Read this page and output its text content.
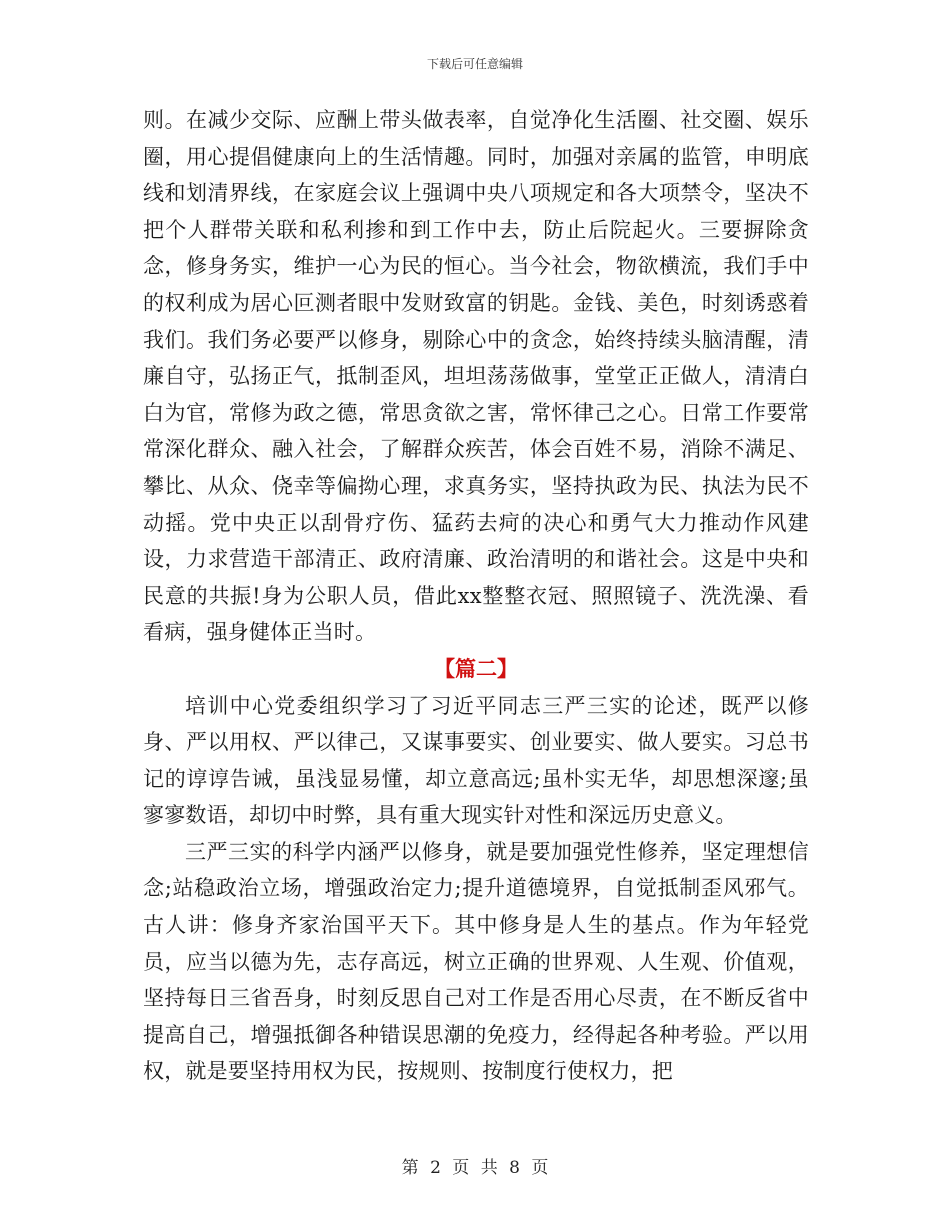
下载后可任意编辑

则。在减少交际、应酬上带头做表率，自觉净化生活圈、社交圈、娱乐圈，用心提倡健康向上的生活情趣。同时，加强对亲属的监管，申明底线和划清界线，在家庭会议上强调中央八项规定和各大项禁令，坚决不把个人群带关联和私利掺和到工作中去，防止后院起火。三要摒除贪念，修身务实，维护一心为民的恒心。当今社会，物欲横流，我们手中的权利成为居心叵测者眼中发财致富的钥匙。金钱、美色，时刻诱惑着我们。我们务必要严以修身，剔除心中的贪念，始终持续头脑清醒，清廉自守，弘扬正气，抵制歪风，坦坦荡荡做事，堂堂正正做人，清清白白为官，常修为政之德，常思贪欲之害，常怀律己之心。日常工作要常常深化群众、融入社会，了解群众疾苦，体会百姓不易，消除不满足、攀比、从众、侥幸等偏拗心理，求真务实，坚持执政为民、执法为民不动摇。党中央正以刮骨疗伤、猛药去疴的决心和勇气大力推动作风建设，力求营造干部清正、政府清廉、政治清明的和谐社会。这是中央和民意的共振!身为公职人员，借此xx整整衣冠、照照镜子、洗洗澡、看看病，强身健体正当时。

【篇二】

培训中心党委组织学习了习近平同志三严三实的论述，既严以修身、严以用权、严以律己，又谋事要实、创业要实、做人要实。习总书记的谆谆告诫，虽浅显易懂，却立意高远;虽朴实无华，却思想深邃;虽寥寥数语，却切中时弊，具有重大现实针对性和深远历史意义。

三严三实的科学内涵严以修身，就是要加强党性修养，坚定理想信念;站稳政治立场，增强政治定力;提升道德境界，自觉抵制歪风邪气。古人讲：修身齐家治国平天下。其中修身是人生的基点。作为年轻党员，应当以德为先，志存高远，树立正确的世界观、人生观、价值观，坚持每日三省吾身，时刻反思自己对工作是否用心尽责，在不断反省中提高自己，增强抵御各种错误思潮的免疫力，经得起各种考验。严以用权，就是要坚持用权为民，按规则、按制度行使权力，把

第 2 页 共 8 页
